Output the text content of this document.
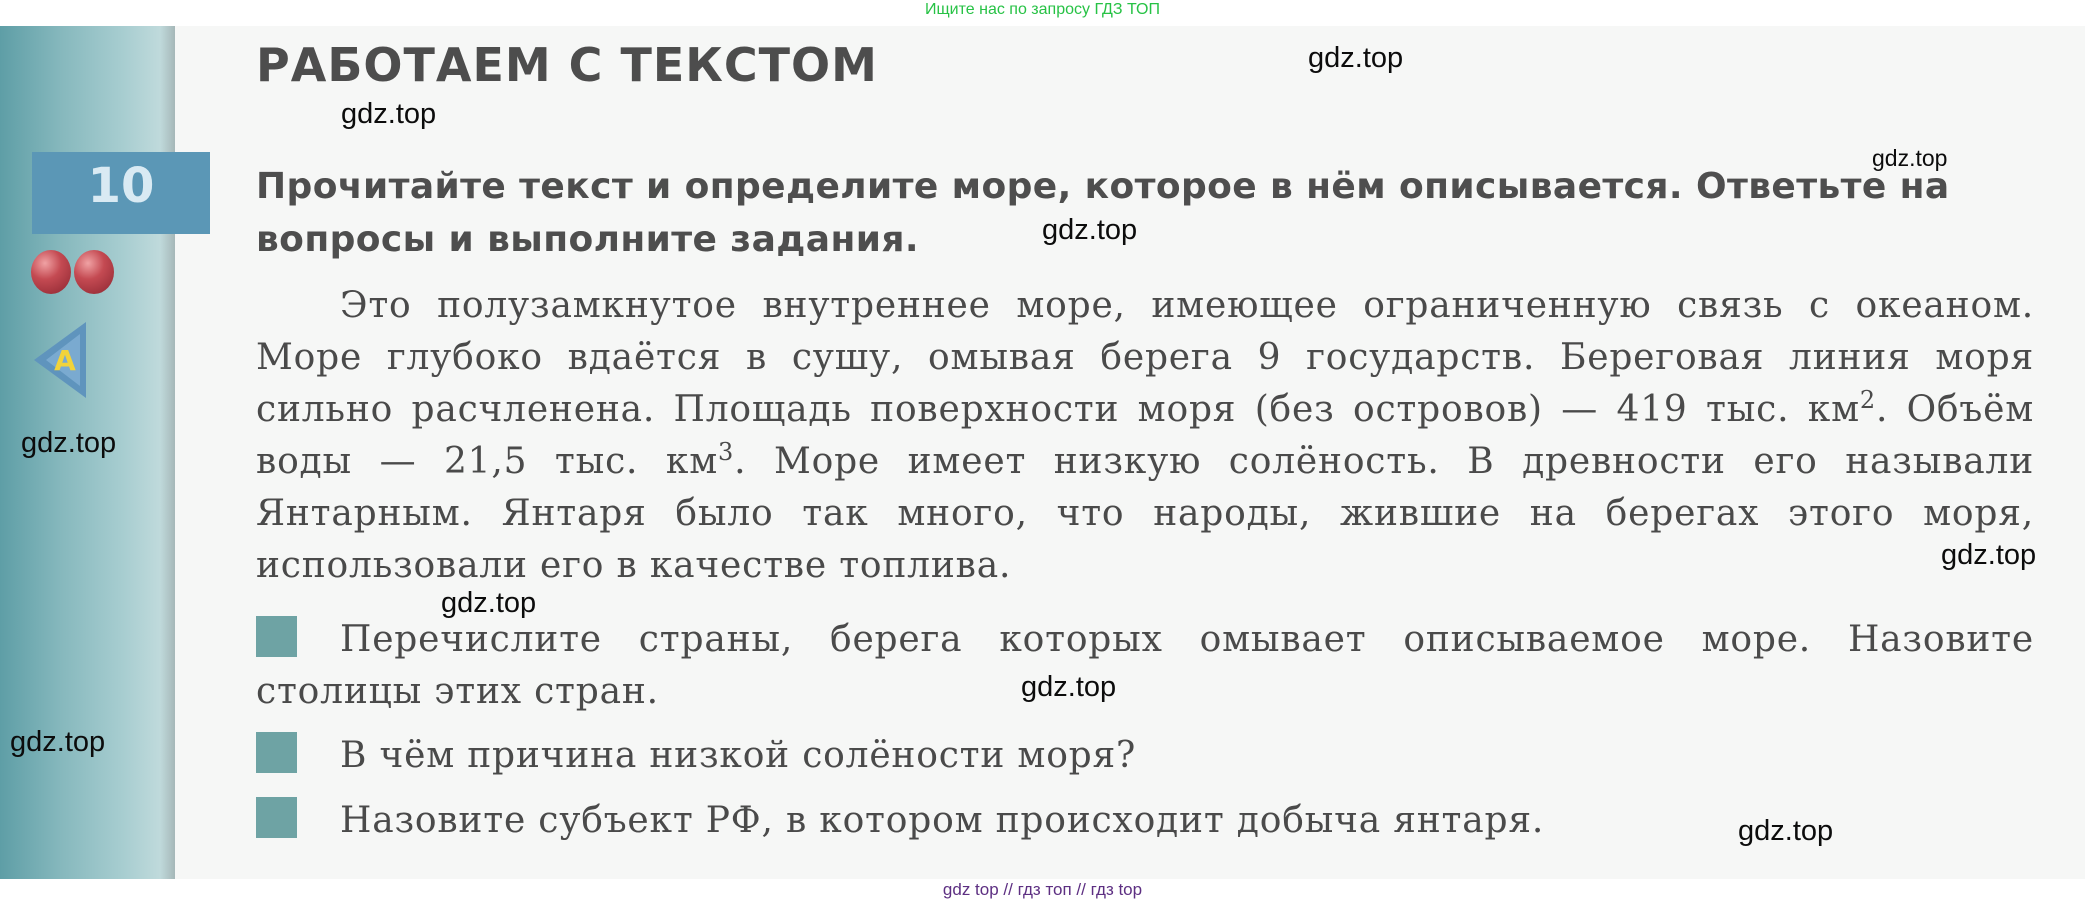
Ищите нас по запросу ГДЗ ТОП
РАБОТАЕМ С ТЕКСТОМ
10
А

Прочитайте текст и определите море, которое в нём описывается. Ответьте на вопросы и выполните задания.

Это полузамкнутое внутреннее море, имеющее ограниченную связь с океаном. Море глубоко вдаётся в сушу, омывая берега 9 государств. Береговая линия моря сильно расчленена. Площадь поверхности моря (без островов) — 419 тыс. $км^2$. Объём воды — 21,5 тыс. $км^3$. Море имеет низкую солёность. В древности его называли Янтарным. Янтаря было так много, что народы, жившие на берегах этого моря, использовали его в качестве топлива.

Перечислите страны, берега которых омывает описываемое море. Назовите столицы этих стран.

В чём причина низкой солёности моря?

Назовите субъект РФ, в котором происходит добыча янтаря.

gdz.top
gdz.top
gdz.top
gdz.top
gdz.top
gdz.top
gdz.top
gdz.top
gdz.top
gdz.top
gdz top // гдз топ // гдз top
